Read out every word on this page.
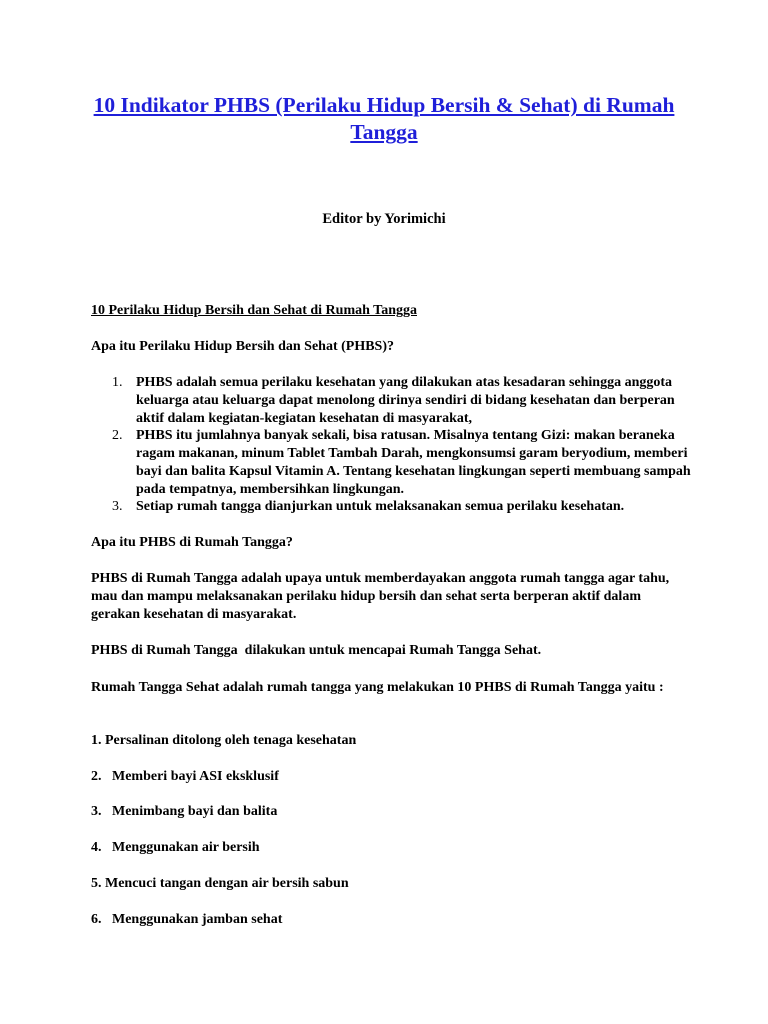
10 Indikator PHBS (Perilaku Hidup Bersih & Sehat) di Rumah Tangga
Editor by Yorimichi

10 Perilaku Hidup Bersih dan Sehat di Rumah Tangga

Apa itu Perilaku Hidup Bersih dan Sehat (PHBS)?

1. PHBS adalah semua perilaku kesehatan yang dilakukan atas kesadaran sehingga anggota keluarga atau keluarga dapat menolong dirinya sendiri di bidang kesehatan dan berperan aktif dalam kegiatan-kegiatan kesehatan di masyarakat,
2. PHBS itu jumlahnya banyak sekali, bisa ratusan. Misalnya tentang Gizi: makan beraneka ragam makanan, minum Tablet Tambah Darah, mengkonsumsi garam beryodium, memberi bayi dan balita Kapsul Vitamin A. Tentang kesehatan lingkungan seperti membuang sampah pada tempatnya, membersihkan lingkungan.
3. Setiap rumah tangga dianjurkan untuk melaksanakan semua perilaku kesehatan.

Apa itu PHBS di Rumah Tangga?

PHBS di Rumah Tangga adalah upaya untuk memberdayakan anggota rumah tangga agar tahu, mau dan mampu melaksanakan perilaku hidup bersih dan sehat serta berperan aktif dalam gerakan kesehatan di masyarakat.

PHBS di Rumah Tangga  dilakukan untuk mencapai Rumah Tangga Sehat.

Rumah Tangga Sehat adalah rumah tangga yang melakukan 10 PHBS di Rumah Tangga yaitu :

1. Persalinan ditolong oleh tenaga kesehatan
2.   Memberi bayi ASI eksklusif
3.   Menimbang bayi dan balita
4.   Menggunakan air bersih
5. Mencuci tangan dengan air bersih sabun
6.   Menggunakan jamban sehat
